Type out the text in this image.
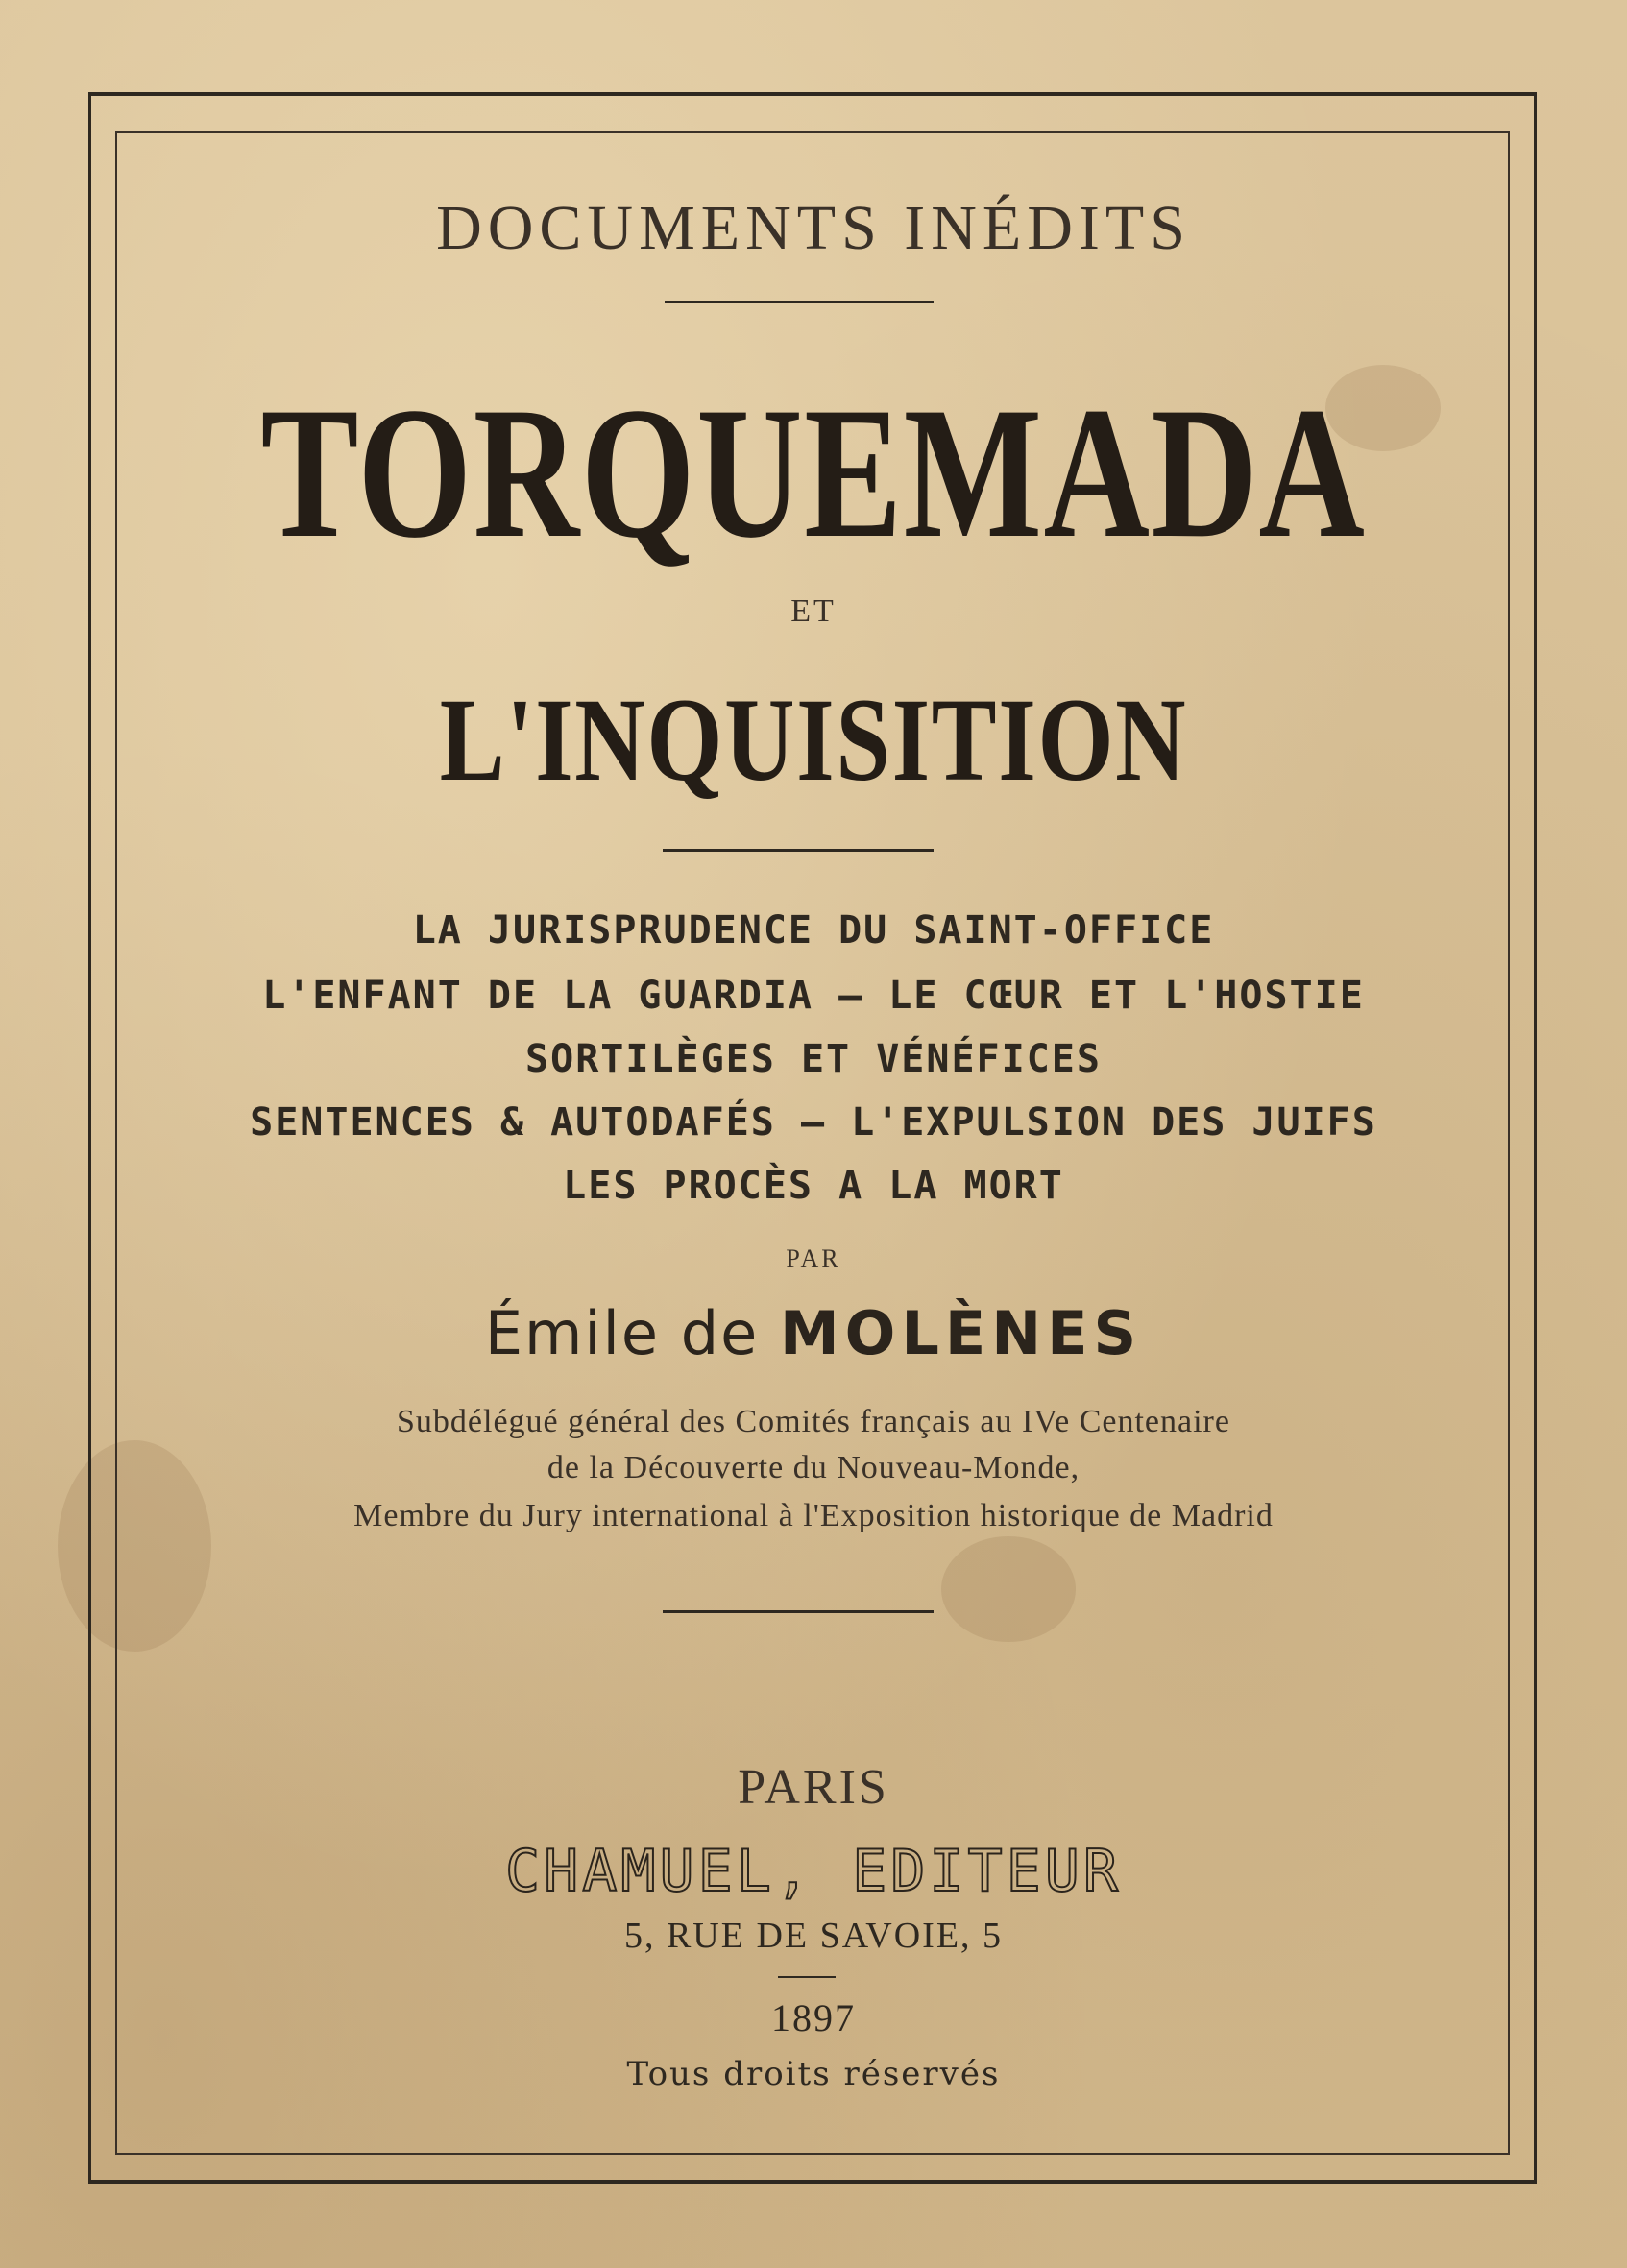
DOCUMENTS INÉDITS
TORQUEMADA
ET
L'INQUISITION
LA JURISPRUDENCE DU SAINT-OFFICE
L'ENFANT DE LA GUARDIA — LE CŒUR ET L'HOSTIE
SORTILÈGES ET VÉNÉFICES
SENTENCES & AUTODAFÉS — L'EXPULSION DES JUIFS
LES PROCÈS A LA MORT
PAR
Émile de MOLÈNES
Subdélégué général des Comités français au IVe Centenaire
de la Découverte du Nouveau-Monde,
Membre du Jury international à l'Exposition historique de Madrid
PARIS
CHAMUEL, EDITEUR
5, RUE DE SAVOIE, 5
1897
Tous droits réservés
